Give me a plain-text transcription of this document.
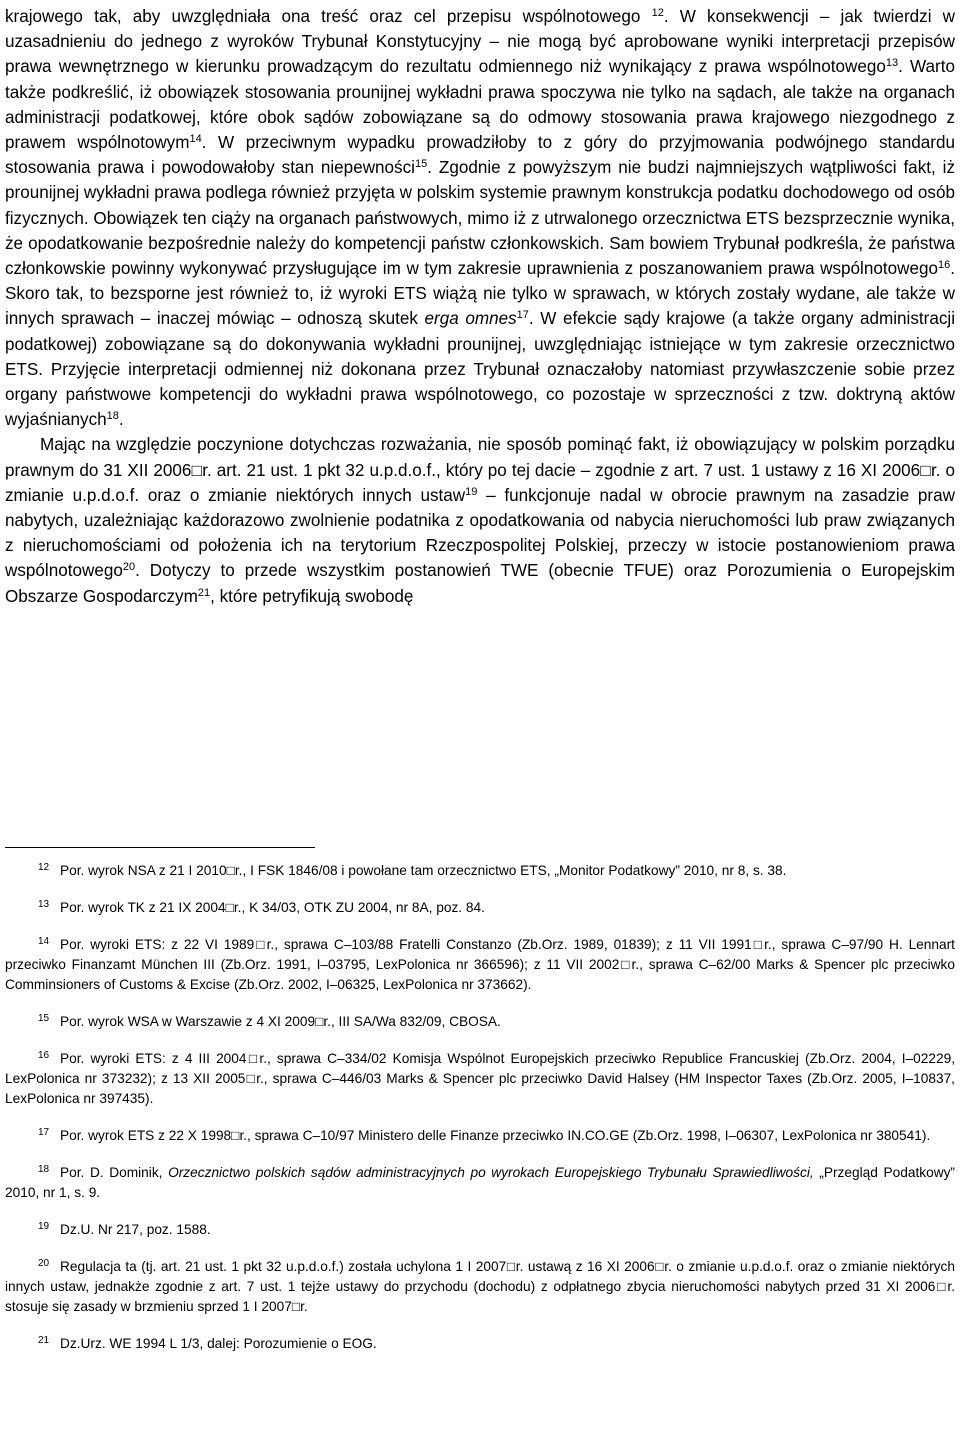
krajowego tak, aby uwzględniała ona treść oraz cel przepisu wspólnotowego $^{12}$. W konsekwencji – jak twierdzi w uzasadnieniu do jednego z wyroków Trybunał Konstytucyjny – nie mogą być aprobowane wyniki interpretacji przepisów prawa wewnętrznego w kierunku prowadzącym do rezultatu odmiennego niż wynikający z prawa wspólnotowego$^{13}$. Warto także podkreślić, iż obowiązek stosowania prounijnej wykładni prawa spoczywa nie tylko na sądach, ale także na organach administracji podatkowej, które obok sądów zobowiązane są do odmowy stosowania prawa krajowego niezgodnego z prawem wspólnotowym$^{14}$. W przeciwnym wypadku prowadziłoby to z góry do przyjmowania podwójnego standardu stosowania prawa i powodowałoby stan niepewności$^{15}$. Zgodnie z powyższym nie budzi najmniejszych wątpliwości fakt, iż prounijnej wykładni prawa podlega również przyjęta w polskim systemie prawnym konstrukcja podatku dochodowego od osób fizycznych. Obowiązek ten ciąży na organach państwowych, mimo iż z utrwalonego orzecznictwa ETS bezsprzecznie wynika, że opodatkowanie bezpośrednie należy do kompetencji państw członkowskich. Sam bowiem Trybunał podkreśla, że państwa członkowskie powinny wykonywać przysługujące im w tym zakresie uprawnienia z poszanowaniem prawa wspólnotowego$^{16}$. Skoro tak, to bezsporne jest również to, iż wyroki ETS wiążą nie tylko w sprawach, w których zostały wydane, ale także w innych sprawach – inaczej mówiąc – odnoszą skutek erga omnes$^{17}$. W efekcie sądy krajowe (a także organy administracji podatkowej) zobowiązane są do dokonywania wykładni prounijnej, uwzględniając istniejące w tym zakresie orzecznictwo ETS. Przyjęcie interpretacji odmiennej niż dokonana przez Trybunał oznaczałoby natomiast przywłaszczenie sobie przez organy państwowe kompetencji do wykładni prawa wspólnotowego, co pozostaje w sprzeczności z tzw. doktryną aktów wyjaśnianych$^{18}$.

Mając na względzie poczynione dotychczas rozważania, nie sposób pominąć fakt, iż obowiązujący w polskim porządku prawnym do 31 XII 2006□r. art. 21 ust. 1 pkt 32 u.p.d.o.f., który po tej dacie – zgodnie z art. 7 ust. 1 ustawy z 16 XI 2006□r. o zmianie u.p.d.o.f. oraz o zmianie niektórych innych ustaw$^{19}$ – funkcjonuje nadal w obrocie prawnym na zasadzie praw nabytych, uzależniając każdorazowo zwolnienie podatnika z opodatkowania od nabycia nieruchomości lub praw związanych z nieruchomościami od położenia ich na terytorium Rzeczpospolitej Polskiej, przeczy w istocie postanowieniom prawa wspólnotowego$^{20}$. Dotyczy to przede wszystkim postanowień TWE (obecnie TFUE) oraz Porozumienia o Europejskim Obszarze Gospodarczym$^{21}$, które petryfikują swobodę

12 Por. wyrok NSA z 21 I 2010□r., I FSK 1846/08 i powołane tam orzecznictwo ETS, „Monitor Podatkowy” 2010, nr 8, s. 38.
13 Por. wyrok TK z 21 IX 2004□r., K 34/03, OTK ZU 2004, nr 8A, poz. 84.
14 Por. wyroki ETS: z 22 VI 1989□r., sprawa C–103/88 Fratelli Constanzo (Zb.Orz. 1989, 01839); z 11 VII 1991□r., sprawa C–97/90 H. Lennart przeciwko Finanzamt München III (Zb.Orz. 1991, I–03795, LexPolonica nr 366596); z 11 VII 2002□r., sprawa C–62/00 Marks & Spencer plc przeciwko Comminsioners of Customs & Excise (Zb.Orz. 2002, I–06325, LexPolonica nr 373662).
15 Por. wyrok WSA w Warszawie z 4 XI 2009□r., III SA/Wa 832/09, CBOSA.
16 Por. wyroki ETS: z 4 III 2004□r., sprawa C–334/02 Komisja Wspólnot Europejskich przeciwko Republice Francuskiej (Zb.Orz. 2004, I–02229, LexPolonica nr 373232); z 13 XII 2005□r., sprawa C–446/03 Marks & Spencer plc przeciwko David Halsey (HM Inspector Taxes (Zb.Orz. 2005, I–10837, LexPolonica nr 397435).
17 Por. wyrok ETS z 22 X 1998□r., sprawa C–10/97 Ministero delle Finanze przeciwko IN.CO.GE (Zb.Orz. 1998, I–06307, LexPolonica nr 380541).
18 Por. D. Dominik, Orzecznictwo polskich sądów administracyjnych po wyrokach Europejskiego Trybunału Sprawiedliwości, „Przegląd Podatkowy” 2010, nr 1, s. 9.
19 Dz.U. Nr 217, poz. 1588.
20 Regulacja ta (tj. art. 21 ust. 1 pkt 32 u.p.d.o.f.) została uchylona 1 I 2007□r. ustawą z 16 XI 2006□r. o zmianie u.p.d.o.f. oraz o zmianie niektórych innych ustaw, jednakże zgodnie z art. 7 ust. 1 tejże ustawy do przychodu (dochodu) z odpłatnego zbycia nieruchomości nabytych przed 31 XI 2006□r. stosuje się zasady w brzmieniu sprzed 1 I 2007□r.
21 Dz.Urz. WE 1994 L 1/3, dalej: Porozumienie o EOG.
